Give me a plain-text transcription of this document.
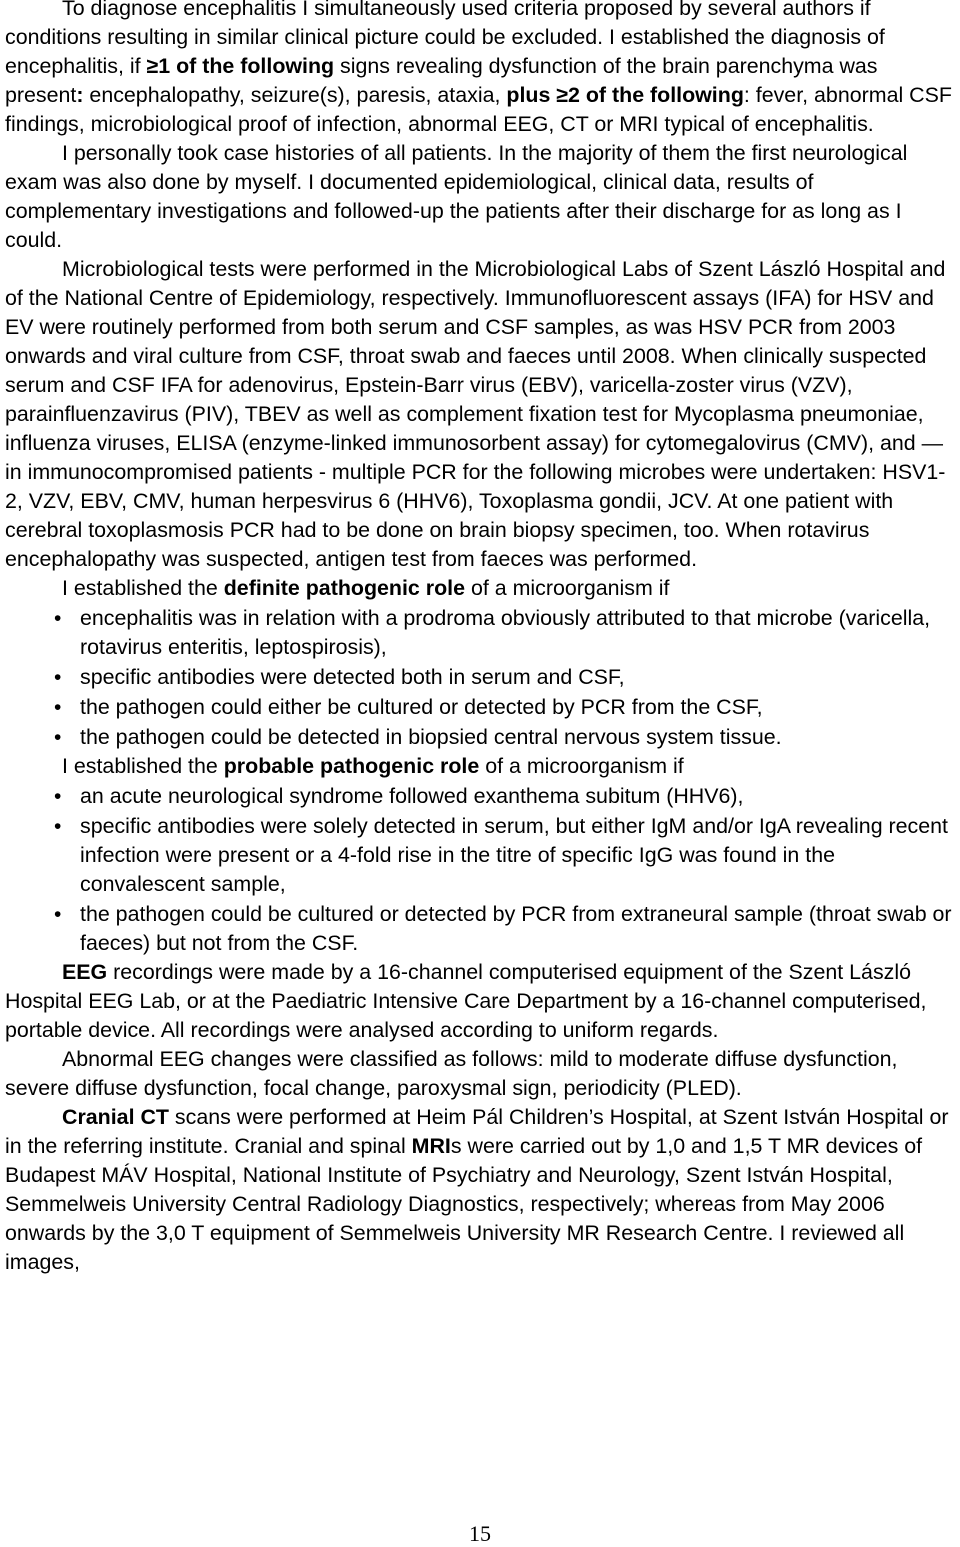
To diagnose encephalitis I simultaneously used criteria proposed by several authors if conditions resulting in similar clinical picture could be excluded. I established the diagnosis of encephalitis, if ≥1 of the following signs revealing dysfunction of the brain parenchyma was present: encephalopathy, seizure(s), paresis, ataxia, plus ≥2 of the following: fever, abnormal CSF findings, microbiological proof of infection, abnormal EEG, CT or MRI typical of encephalitis.

I personally took case histories of all patients. In the majority of them the first neurological exam was also done by myself. I documented epidemiological, clinical data, results of complementary investigations and followed-up the patients after their discharge for as long as I could.

Microbiological tests were performed in the Microbiological Labs of Szent László Hospital and of the National Centre of Epidemiology, respectively. Immunofluorescent assays (IFA) for HSV and EV were routinely performed from both serum and CSF samples, as was HSV PCR from 2003 onwards and viral culture from CSF, throat swab and faeces until 2008. When clinically suspected serum and CSF IFA for adenovirus, Epstein-Barr virus (EBV), varicella-zoster virus (VZV), parainfluenzavirus (PIV), TBEV as well as complement fixation test for Mycoplasma pneumoniae, influenza viruses, ELISA (enzyme-linked immunosorbent assay) for cytomegalovirus (CMV), and — in immunocompromised patients - multiple PCR for the following microbes were undertaken: HSV1-2, VZV, EBV, CMV, human herpesvirus 6 (HHV6), Toxoplasma gondii, JCV. At one patient with cerebral toxoplasmosis PCR had to be done on brain biopsy specimen, too. When rotavirus encephalopathy was suspected, antigen test from faeces was performed.

I established the definite pathogenic role of a microorganism if

• encephalitis was in relation with a prodroma obviously attributed to that microbe (varicella, rotavirus enteritis, leptospirosis),
• specific antibodies were detected both in serum and CSF,
• the pathogen could either be cultured or detected by PCR from the CSF,
• the pathogen could be detected in biopsied central nervous system tissue.

I established the probable pathogenic role of a microorganism if

• an acute neurological syndrome followed exanthema subitum (HHV6),
• specific antibodies were solely detected in serum, but either IgM and/or IgA revealing recent infection were present or a 4-fold rise in the titre of specific IgG was found in the convalescent sample,
• the pathogen could be cultured or detected by PCR from extraneural sample (throat swab or faeces) but not from the CSF.

EEG recordings were made by a 16-channel computerised equipment of the Szent László Hospital EEG Lab, or at the Paediatric Intensive Care Department by a 16-channel computerised, portable device. All recordings were analysed according to uniform regards.

Abnormal EEG changes were classified as follows: mild to moderate diffuse dysfunction, severe diffuse dysfunction, focal change, paroxysmal sign, periodicity (PLED).

Cranial CT scans were performed at Heim Pál Children’s Hospital, at Szent István Hospital or in the referring institute. Cranial and spinal MRIs were carried out by 1,0 and 1,5 T MR devices of Budapest MÁV Hospital, National Institute of Psychiatry and Neurology, Szent István Hospital, Semmelweis University Central Radiology Diagnostics, respectively; whereas from May 2006 onwards by the 3,0 T equipment of Semmelweis University MR Research Centre. I reviewed all images,

15
